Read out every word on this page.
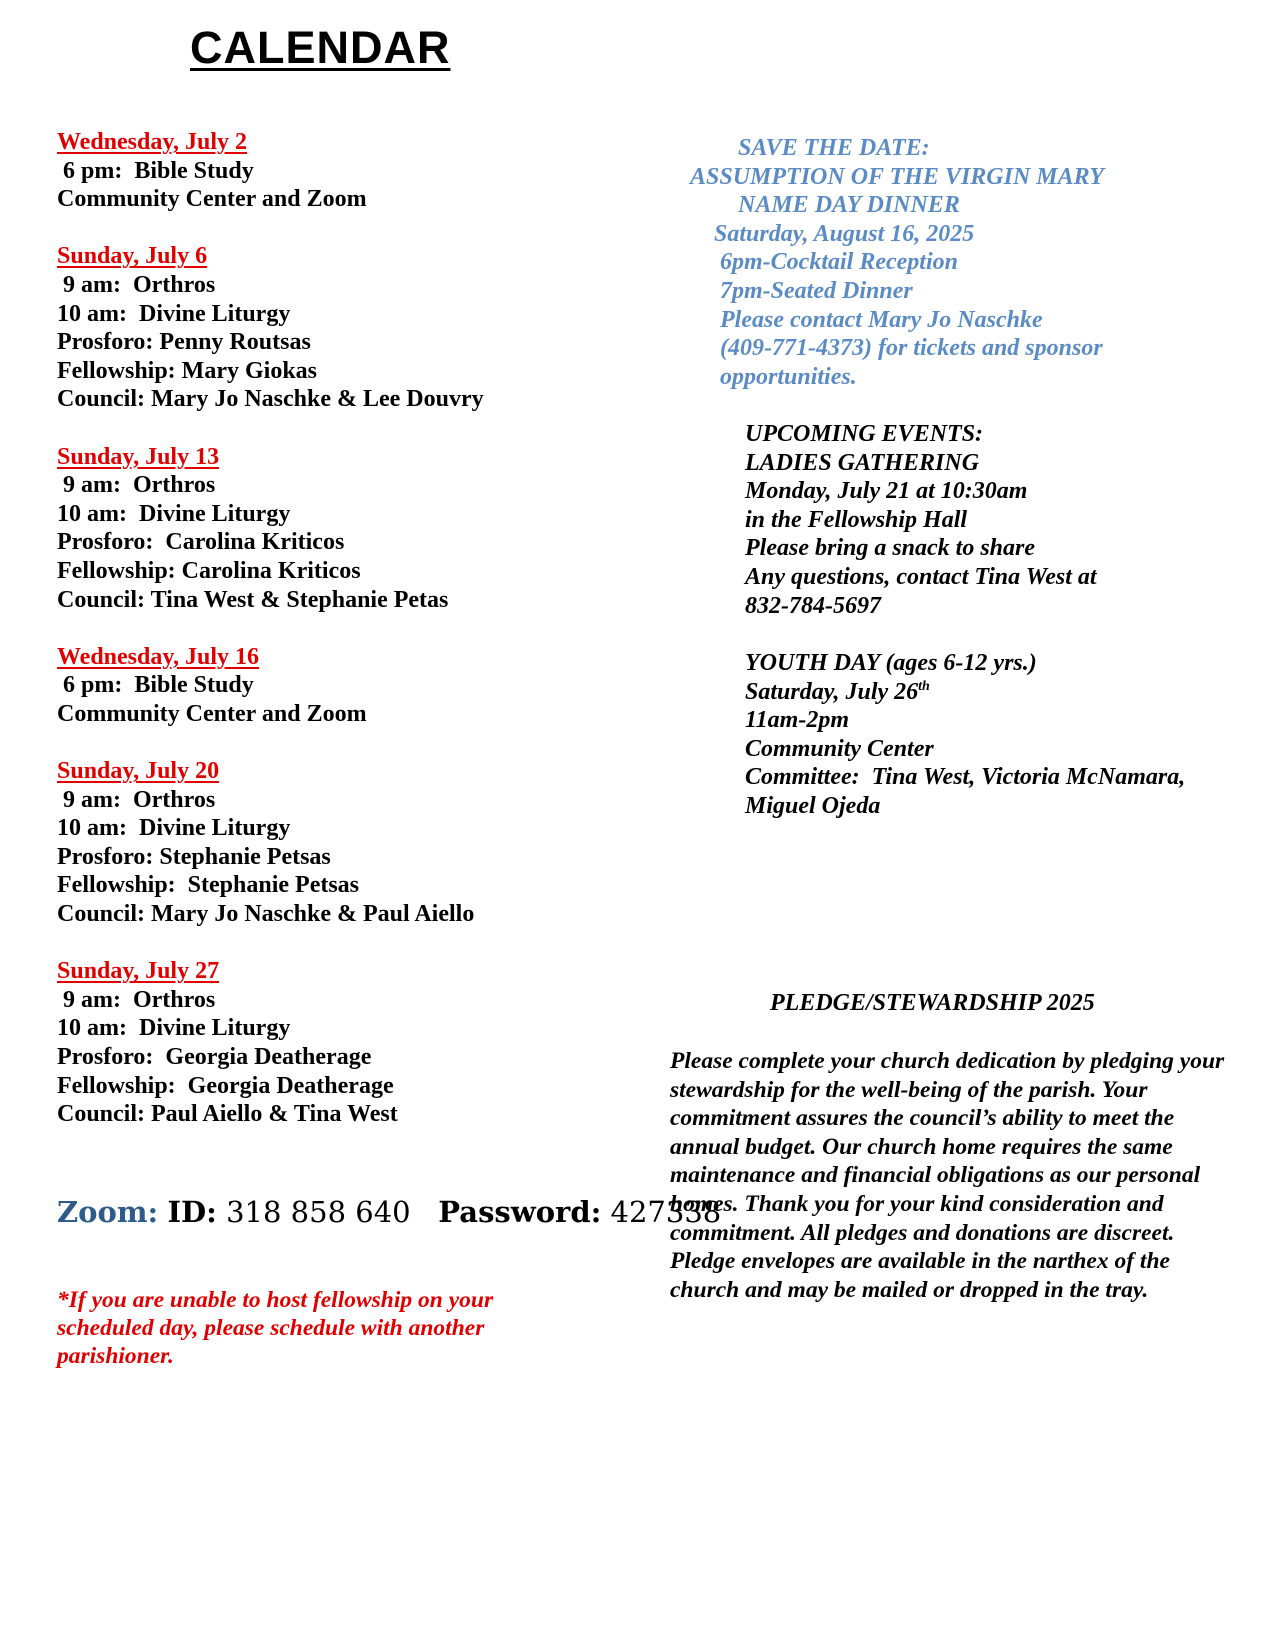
CALENDAR

Wednesday, July 2

6 pm:  Bible Study

Community Center and Zoom

Sunday, July 6

9 am:  Orthros

10 am:  Divine Liturgy

Prosforo: Penny Routsas

Fellowship: Mary Giokas

Council: Mary Jo Naschke & Lee Douvry

Sunday, July 13

9 am:  Orthros

10 am:  Divine Liturgy

Prosforo:  Carolina Kriticos

Fellowship: Carolina Kriticos

Council: Tina West & Stephanie Petas

Wednesday, July 16

6 pm:  Bible Study

Community Center and Zoom

Sunday, July 20

9 am:  Orthros

10 am:  Divine Liturgy

Prosforo: Stephanie Petsas

Fellowship:  Stephanie Petsas

Council: Mary Jo Naschke & Paul Aiello

Sunday, July 27

9 am:  Orthros

10 am:  Divine Liturgy

Prosforo:  Georgia Deatherage

Fellowship:  Georgia Deatherage

Council: Paul Aiello & Tina West

Zoom: ID: 318 858 640 Password: 427338
*If you are unable to host fellowship on your scheduled day, please schedule with another parishioner.

SAVE THE DATE:

ASSUMPTION OF THE VIRGIN MARY

NAME DAY DINNER

Saturday, August 16, 2025

6pm-Cocktail Reception

7pm-Seated Dinner

Please contact Mary Jo Naschke

(409-771-4373) for tickets and sponsor

opportunities.

UPCOMING EVENTS:

LADIES GATHERING

Monday, July 21 at 10:30am

in the Fellowship Hall

Please bring a snack to share

Any questions, contact Tina West at

832-784-5697

YOUTH DAY (ages 6-12 yrs.)

Saturday, July 26th

11am-2pm

Community Center

Committee:  Tina West, Victoria McNamara,

Miguel Ojeda

PLEDGE/STEWARDSHIP 2025
Please complete your church dedication by pledging your stewardship for the well-being of the parish. Your commitment assures the council’s ability to meet the annual budget. Our church home requires the same maintenance and financial obligations as our personal homes. Thank you for your kind consideration and commitment. All pledges and donations are discreet. Pledge envelopes are available in the narthex of the church and may be mailed or dropped in the tray.
